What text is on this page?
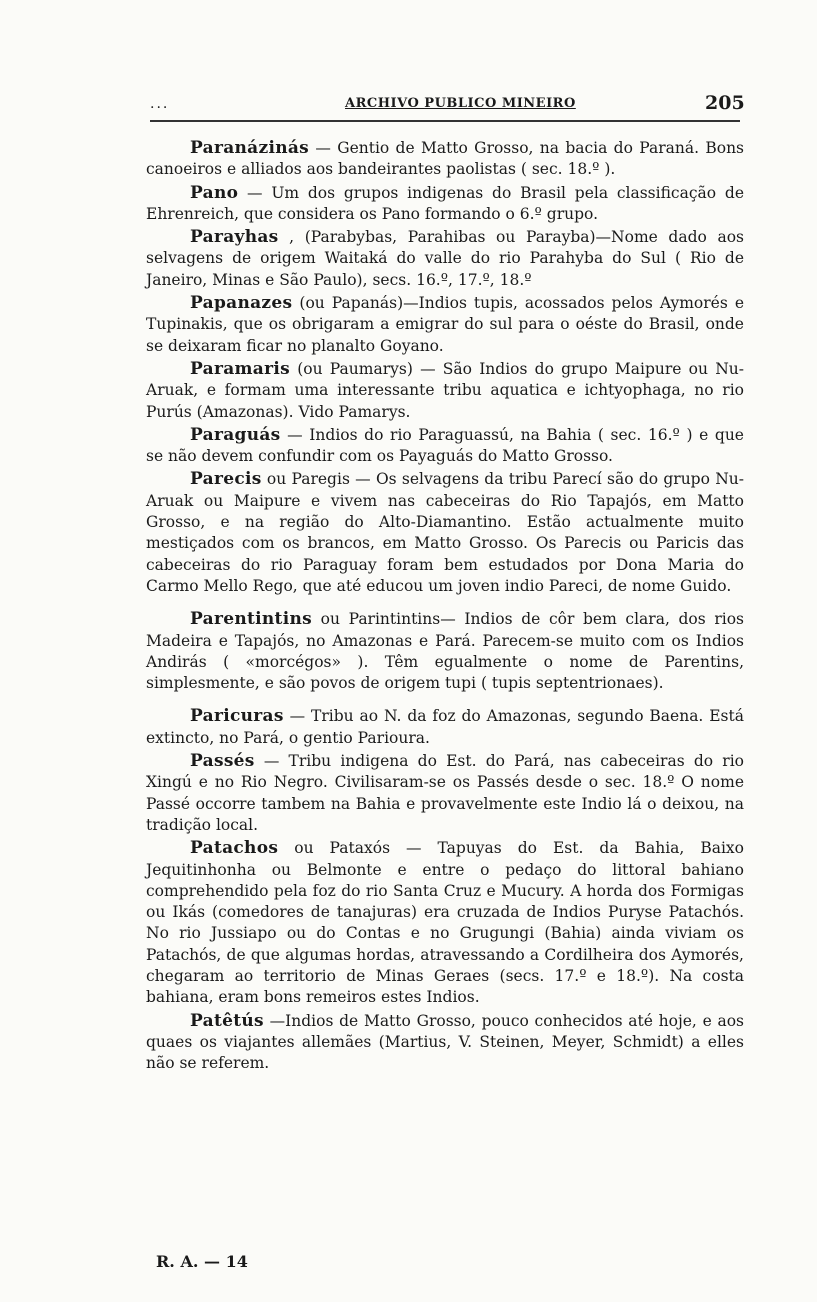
...	ARCHIVO PUBLICO MINEIRO	205

Paranázinás — Gentio de Matto Grosso, na bacia do Paraná. Bons canoeiros e alliados aos bandeirantes paolistas ( sec. 18.º ).

Pano — Um dos grupos indigenas do Brasil pela classificação de Ehrenreich, que considera os Pano formando o 6.º grupo.

Parayhas , (Parabybas, Parahibas ou Parayba)—Nome dado aos selvagens de origem Waitaká do valle do rio Parahyba do Sul ( Rio de Janeiro, Minas e São Paulo), secs. 16.º, 17.º, 18.º

Papanazes (ou Papanás)—Indios tupis, acossados pelos Aymorés e Tupinakis, que os obrigaram a emigrar do sul para o oéste do Brasil, onde se deixaram ficar no planalto Goyano.

Paramaris (ou Paumarys) — São Indios do grupo Maipure ou Nu-Aruak, e formam uma interessante tribu aquatica e ichtyophaga, no rio Purús (Amazonas). Vido Pamarys.

Paraguás — Indios do rio Paraguassú, na Bahia ( sec. 16.º ) e que se não devem confundir com os Payaguás do Matto Grosso.

Parecis ou Paregis — Os selvagens da tribu Parecí são do grupo Nu-Aruak ou Maipure e vivem nas cabeceiras do Rio Tapajós, em Matto Grosso, e na região do Alto-Diamantino. Estão actualmente muito mestiçados com os brancos, em Matto Grosso. Os Parecis ou Paricis das cabeceiras do rio Paraguay foram bem estudados por Dona Maria do Carmo Mello Rego, que até educou um joven indio Pareci, de nome Guido.

Parentintins ou Parintintins— Indios de côr bem clara, dos rios Madeira e Tapajós, no Amazonas e Pará. Parecem-se muito com os Indios Andirás ( «morcégos» ). Têm egualmente o nome de Parentins, simplesmente, e são povos de origem tupi ( tupis septentrionaes).

Paricuras — Tribu ao N. da foz do Amazonas, segundo Baena. Está extincto, no Pará, o gentio Parioura.

Passés — Tribu indigena do Est. do Pará, nas cabeceiras do rio Xingú e no Rio Negro. Civilisaram-se os Passés desde o sec. 18.º O nome Passé occorre tambem na Bahia e provavelmente este Indio lá o deixou, na tradição local.

Patachos ou Pataxós — Tapuyas do Est. da Bahia, Baixo Jequitinhonha ou Belmonte e entre o pedaço do littoral bahiano comprehendido pela foz do rio Santa Cruz e Mucury. A horda dos Formigas ou Ikás (comedores de tanajuras) era cruzada de Indios Puryse Patachós. No rio Jussiapo ou do Contas e no Grugungi (Bahia) ainda viviam os Patachós, de que algumas hordas, atravessando a Cordilheira dos Aymorés, chegaram ao territorio de Minas Geraes (secs. 17.º e 18.º). Na costa bahiana, eram bons remeiros estes Indios.

Patêtús —Indios de Matto Grosso, pouco conhecidos até hoje, e aos quaes os viajantes allemães (Martius, V. Steinen, Meyer, Schmidt) a elles não se referem.

R. A. — 14
